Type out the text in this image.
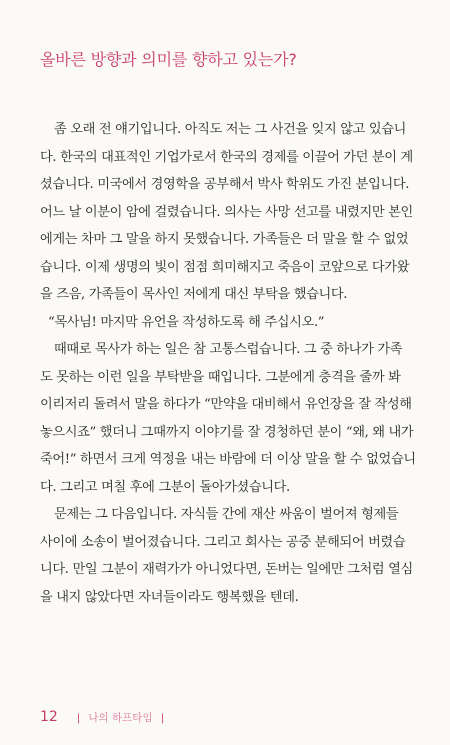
올바른 방향과 의미를 향하고 있는가?
좀 오래 전 얘기입니다. 아직도 저는 그 사건을 잊지 않고 있습니
다. 한국의 대표적인 기업가로서 한국의 경제를 이끌어 가던 분이 계
셨습니다. 미국에서 경영학을 공부해서 박사 학위도 가진 분입니다.
어느 날 이분이 암에 걸렸습니다. 의사는 사망 선고를 내렸지만 본인
에게는 차마 그 말을 하지 못했습니다. 가족들은 더 말을 할 수 없었
습니다. 이제 생명의 빛이 점점 희미해지고 죽음이 코앞으로 다가왔
을 즈음, 가족들이 목사인 저에게 대신 부탁을 했습니다.
“목사님! 마지막 유언을 작성하도록 해 주십시오.”
때때로 목사가 하는 일은 참 고통스럽습니다. 그 중 하나가 가족
도 못하는 이런 일을 부탁받을 때입니다. 그분에게 충격을 줄까 봐
이리저리 돌려서 말을 하다가 “만약을 대비해서 유언장을 잘 작성해
놓으시죠” 했더니 그때까지 이야기를 잘 경청하던 분이 “왜, 왜 내가
죽어!” 하면서 크게 역정을 내는 바람에 더 이상 말을 할 수 없었습니
다. 그리고 며칠 후에 그분이 돌아가셨습니다.
문제는 그 다음입니다. 자식들 간에 재산 싸움이 벌어져 형제들
사이에 소송이 벌어졌습니다. 그리고 회사는 공중 분해되어 버렸습
니다. 만일 그분이 재력가가 아니었다면, 돈버는 일에만 그처럼 열심
을 내지 않았다면 자녀들이라도 행복했을 텐데.
12 | 나의 하프타임 |
